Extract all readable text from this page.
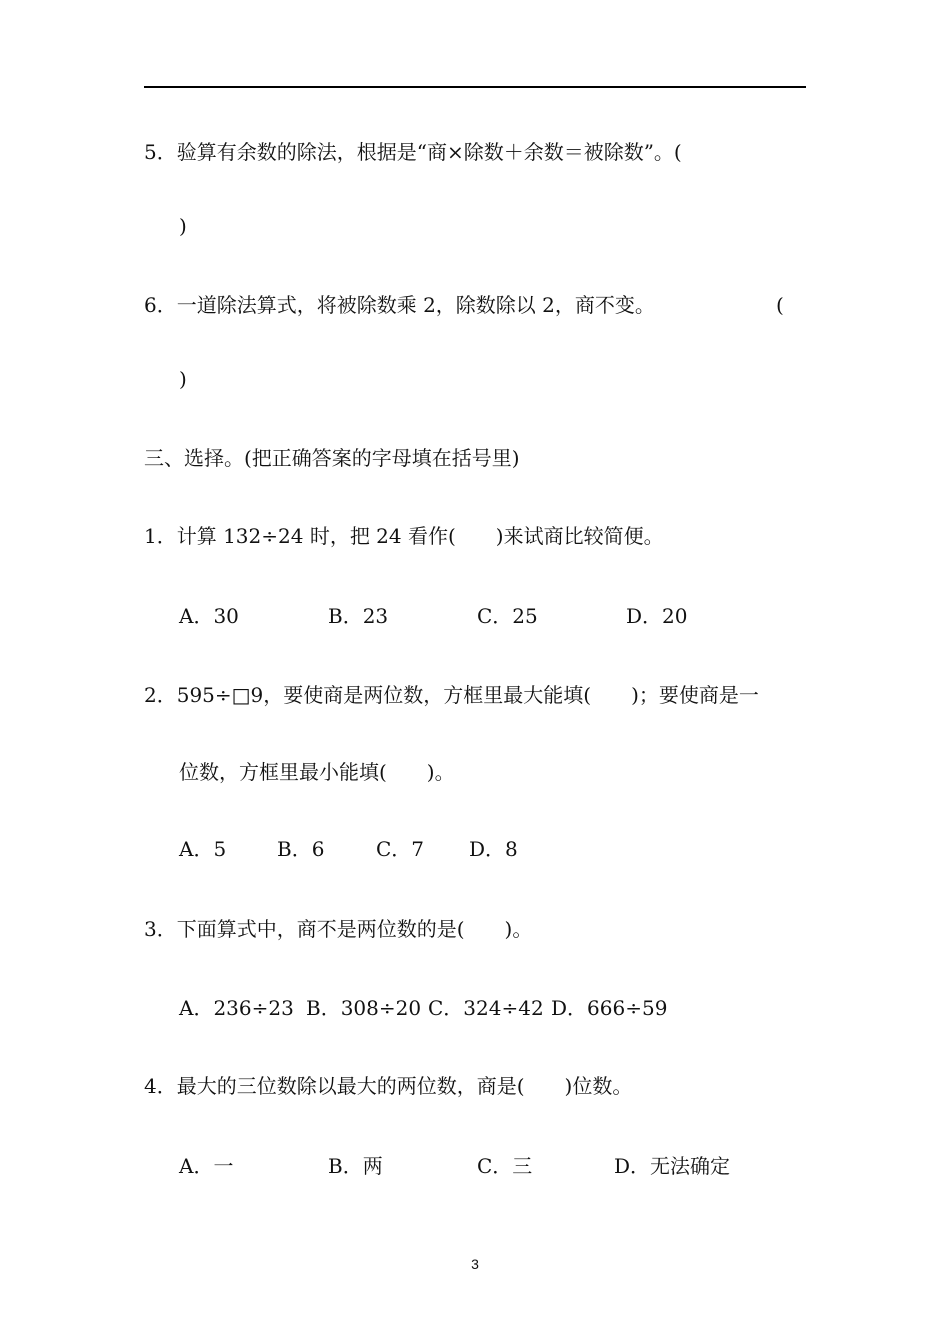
5．验算有余数的除法，根据是“商×除数＋余数＝被除数”。(
)
6．一道除法算式，将被除数乘 2，除数除以 2，商不变。	(
)
三、选择。(把正确答案的字母填在括号里)
1．计算 132÷24 时，把 24 看作(　　)来试商比较简便。
A．30	B．23	C．25	D．20
2．595÷□9，要使商是两位数，方框里最大能填(　　)；要使商是一
位数，方框里最小能填(　　)。
A．5	B．6	C．7 D．8
3．下面算式中，商不是两位数的是(　　)。
A．236÷23 B．308÷20 C．324÷42 D．666÷59
4．最大的三位数除以最大的两位数，商是(　　)位数。
A．一	B．两	C．三	D．无法确定
3
